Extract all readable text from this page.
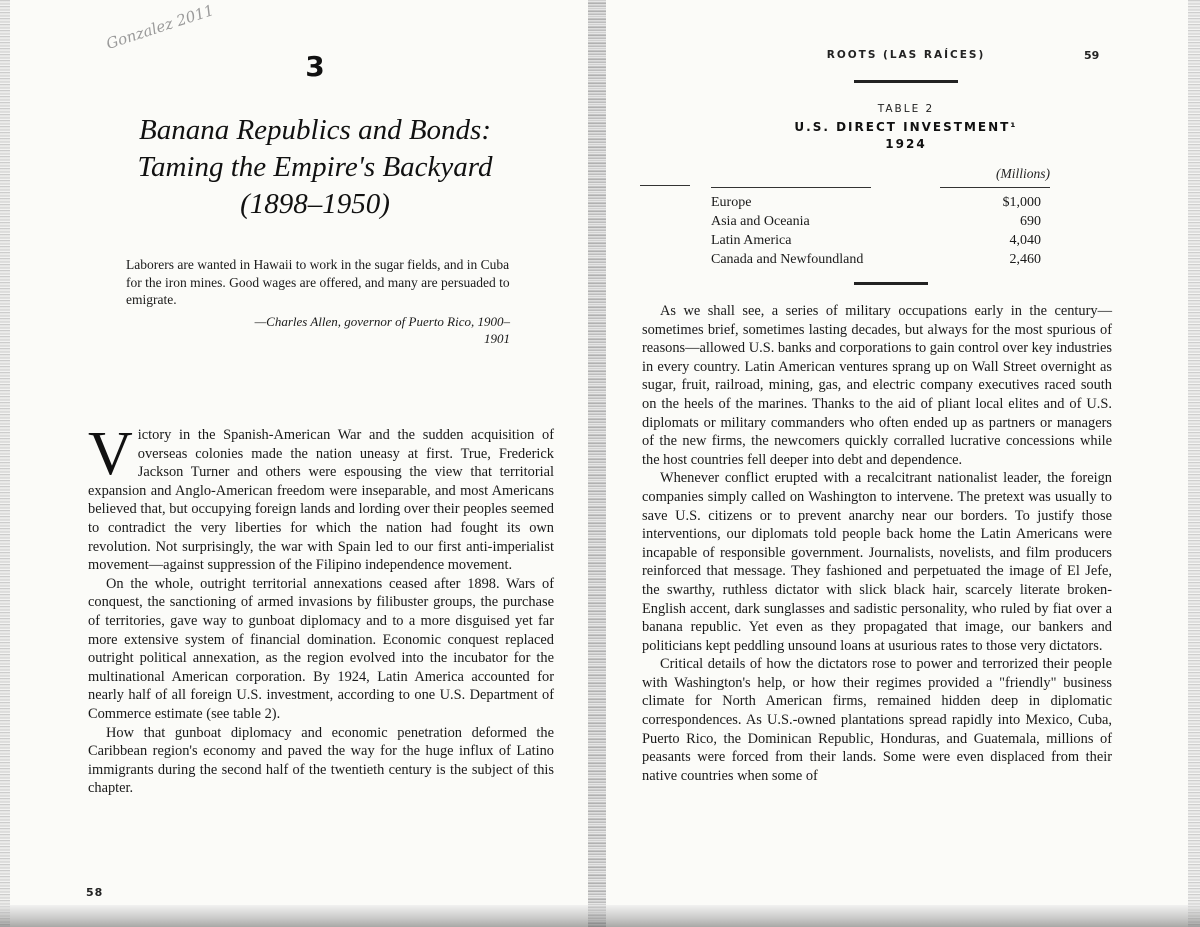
Gonzalez 2011
3
Banana Republics and Bonds: Taming the Empire's Backyard (1898–1950)
Laborers are wanted in Hawaii to work in the sugar fields, and in Cuba for the iron mines. Good wages are offered, and many are persuaded to emigrate.
—Charles Allen, governor of Puerto Rico, 1900–1901

Victory in the Spanish-American War and the sudden acquisition of overseas colonies made the nation uneasy at first. True, Frederick Jackson Turner and others were espousing the view that territorial expansion and Anglo-American freedom were inseparable, and most Americans believed that, but occupying foreign lands and lording over their peoples seemed to contradict the very liberties for which the nation had fought its own revolution. Not surprisingly, the war with Spain led to our first anti-imperialist movement—against suppression of the Filipino independence movement.

On the whole, outright territorial annexations ceased after 1898. Wars of conquest, the sanctioning of armed invasions by filibuster groups, the purchase of territories, gave way to gunboat diplomacy and to a more disguised yet far more extensive system of financial domination. Economic conquest replaced outright political annexation, as the region evolved into the incubator for the multinational American corporation. By 1924, Latin America accounted for nearly half of all foreign U.S. investment, according to one U.S. Department of Commerce estimate (see table 2).

How that gunboat diplomacy and economic penetration deformed the Caribbean region's economy and paved the way for the huge influx of Latino immigrants during the second half of the twentieth century is the subject of this chapter.

58
ROOTS (LAS RAÍCES)	59
TABLE 2
U.S. DIRECT INVESTMENT¹
1924
(Millions)
Europe	$1,000
Asia and Oceania	690
Latin America	4,040
Canada and Newfoundland	2,460

As we shall see, a series of military occupations early in the century—sometimes brief, sometimes lasting decades, but always for the most spurious of reasons—allowed U.S. banks and corporations to gain control over key industries in every country. Latin American ventures sprang up on Wall Street overnight as sugar, fruit, railroad, mining, gas, and electric company executives raced south on the heels of the marines. Thanks to the aid of pliant local elites and of U.S. diplomats or military commanders who often ended up as partners or managers of the new firms, the newcomers quickly corralled lucrative concessions while the host countries fell deeper into debt and dependence.

Whenever conflict erupted with a recalcitrant nationalist leader, the foreign companies simply called on Washington to intervene. The pretext was usually to save U.S. citizens or to prevent anarchy near our borders. To justify those interventions, our diplomats told people back home the Latin Americans were incapable of responsible government. Journalists, novelists, and film producers reinforced that message. They fashioned and perpetuated the image of El Jefe, the swarthy, ruthless dictator with slick black hair, scarcely literate broken-English accent, dark sunglasses and sadistic personality, who ruled by fiat over a banana republic. Yet even as they propagated that image, our bankers and politicians kept peddling unsound loans at usurious rates to those very dictators.

Critical details of how the dictators rose to power and terrorized their people with Washington's help, or how their regimes provided a "friendly" business climate for North American firms, remained hidden deep in diplomatic correspondences. As U.S.-owned plantations spread rapidly into Mexico, Cuba, Puerto Rico, the Dominican Republic, Honduras, and Guatemala, millions of peasants were forced from their lands. Some were even displaced from their native countries when some of
